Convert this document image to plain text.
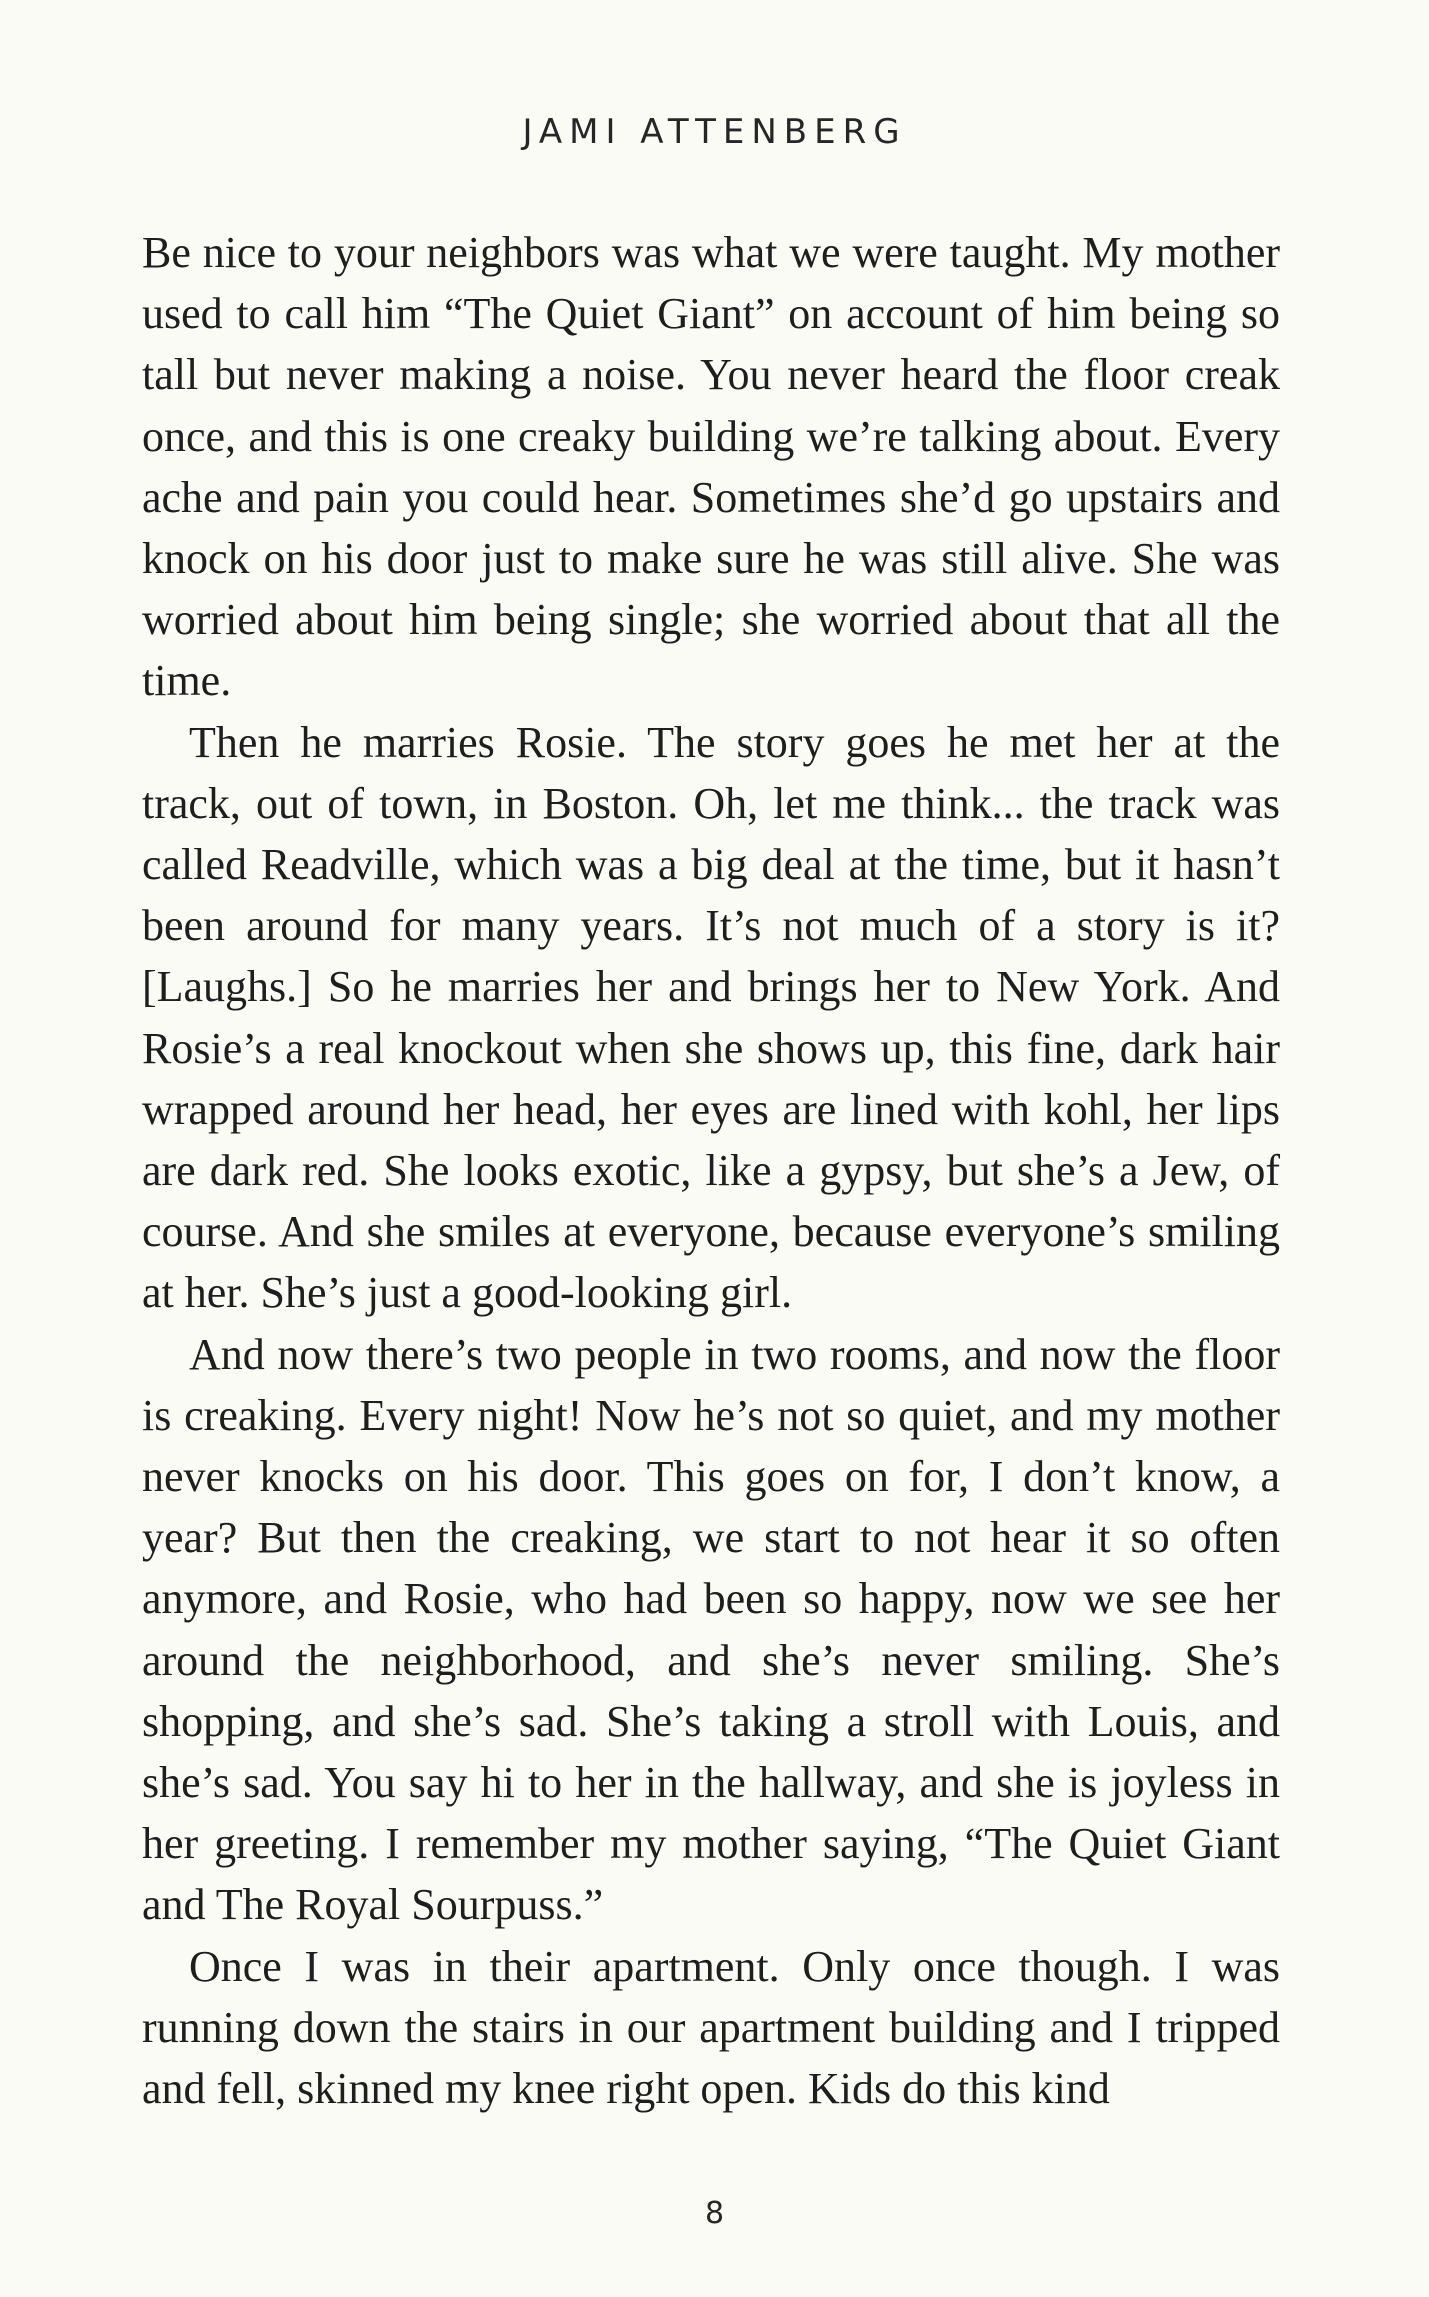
JAMI ATTENBERG

Be nice to your neighbors was what we were taught. My mother used to call him “The Quiet Giant” on account of him being so tall but never making a noise. You never heard the floor creak once, and this is one creaky building we’re talking about. Every ache and pain you could hear. Sometimes she’d go upstairs and knock on his door just to make sure he was still alive. She was worried about him being single; she worried about that all the time.

Then he marries Rosie. The story goes he met her at the track, out of town, in Boston. Oh, let me think... the track was called Readville, which was a big deal at the time, but it hasn’t been around for many years. It’s not much of a story is it? [Laughs.] So he marries her and brings her to New York. And Rosie’s a real knockout when she shows up, this fine, dark hair wrapped around her head, her eyes are lined with kohl, her lips are dark red. She looks exotic, like a gypsy, but she’s a Jew, of course. And she smiles at everyone, because everyone’s smiling at her. She’s just a good-looking girl.

And now there’s two people in two rooms, and now the floor is creaking. Every night! Now he’s not so quiet, and my mother never knocks on his door. This goes on for, I don’t know, a year? But then the creaking, we start to not hear it so often anymore, and Rosie, who had been so happy, now we see her around the neighborhood, and she’s never smiling. She’s shopping, and she’s sad. She’s taking a stroll with Louis, and she’s sad. You say hi to her in the hallway, and she is joyless in her greeting. I remember my mother saying, “The Quiet Giant and The Royal Sourpuss.”

Once I was in their apartment. Only once though. I was running down the stairs in our apartment building and I tripped and fell, skinned my knee right open. Kids do this kind

8
